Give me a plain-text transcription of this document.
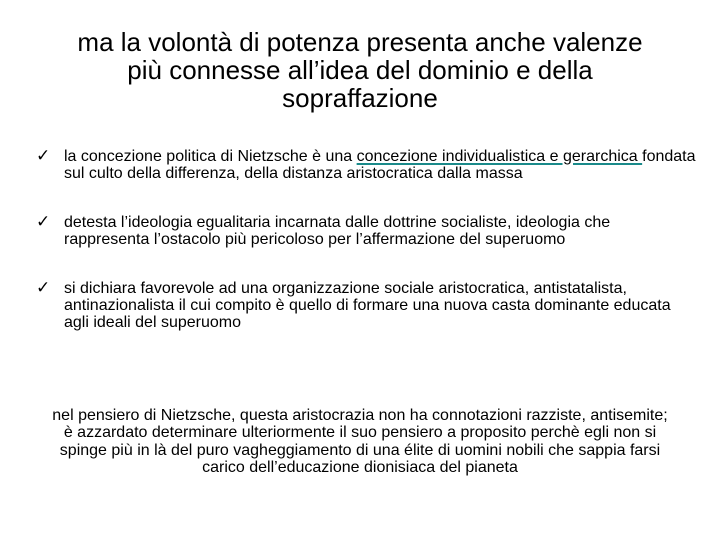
ma la volontà di potenza presenta anche valenze
più connesse all’idea del dominio e della
sopraffazione
✓ la concezione politica di Nietzsche è una concezione individualistica e gerarchica fondata sul culto della differenza, della distanza aristocratica dalla massa
✓ detesta l’ideologia egualitaria incarnata dalle dottrine socialiste, ideologia che rappresenta l’ostacolo più pericoloso per l’affermazione del superuomo
✓ si dichiara favorevole ad una organizzazione sociale aristocratica, antistatalista, antinazionalista il cui compito è quello di formare una nuova casta dominante educata agli ideali del superuomo

nel pensiero di Nietzsche, questa aristocrazia non ha connotazioni razziste, antisemite; è azzardato determinare ulteriormente il suo pensiero a proposito perchè egli non si spinge più in là del puro vagheggiamento di una élite di uomini nobili che sappia farsi carico dell’educazione dionisiaca del pianeta
